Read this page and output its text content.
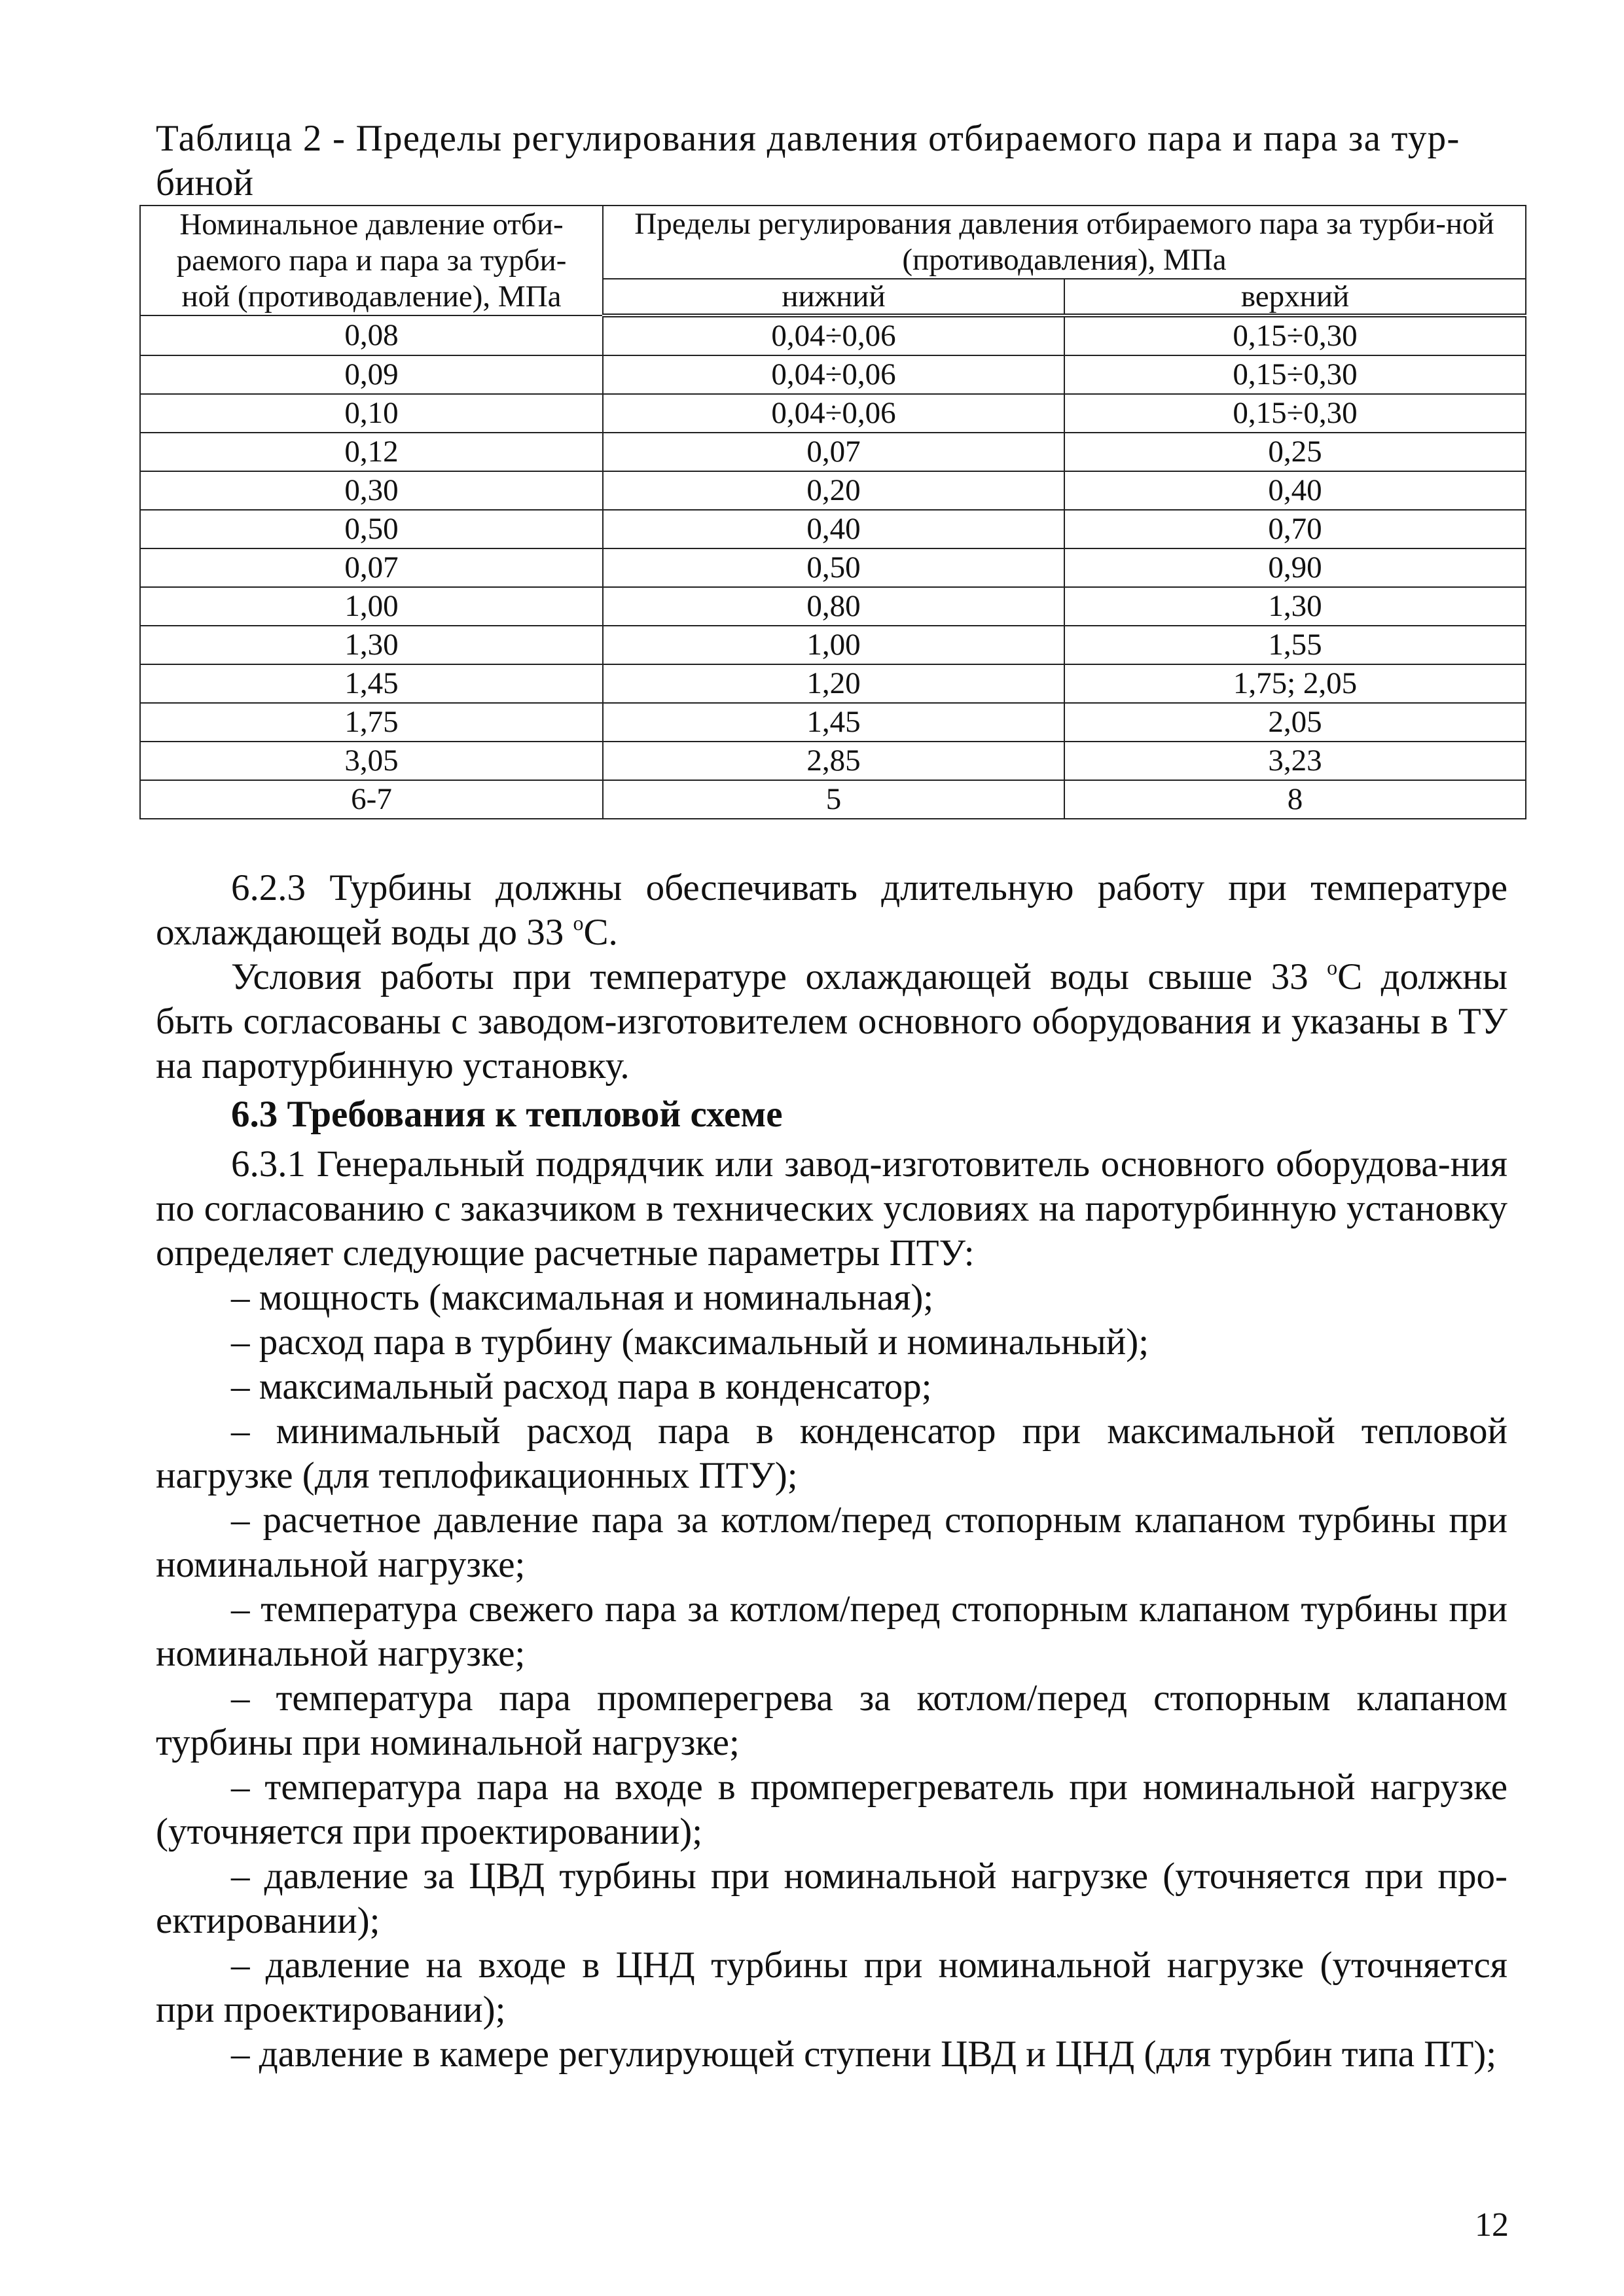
Таблица 2 - Пределы регулирования давления отбираемого пара и пара за тур-
биной
Номинальное давление отби-раемого пара и пара за турби-ной (противодавление), МПа	Пределы регулирования давления отбираемого пара за турби-ной (противодавления), МПа	
	нижний	верхний
0,08	0,04÷0,06	0,15÷0,30
0,09	0,04÷0,06	0,15÷0,30
0,10	0,04÷0,06	0,15÷0,30
0,12	0,07	0,25
0,30	0,20	0,40
0,50	0,40	0,70
0,07	0,50	0,90
1,00	0,80	1,30
1,30	1,00	1,55
1,45	1,20	1,75; 2,05
1,75	1,45	2,05
3,05	2,85	3,23
6-7	5	8

6.2.3 Турбины должны обеспечивать длительную работу при температуре охлаждающей воды до 33 $^o$С.

Условия работы при температуре охлаждающей воды свыше 33 $^o$С должны быть согласованы с заводом-изготовителем основного оборудования и указаны в ТУ на паротурбинную установку.

6.3 Требования к тепловой схеме

6.3.1 Генеральный подрядчик или завод-изготовитель основного оборудова-ния по согласованию с заказчиком в технических условиях на паротурбинную установку определяет следующие расчетные параметры ПТУ:

– мощность (максимальная и номинальная);

– расход пара в турбину (максимальный и номинальный);

– максимальный расход пара в конденсатор;

– минимальный расход пара в конденсатор при максимальной тепловой нагрузке (для теплофикационных ПТУ);

– расчетное давление пара за котлом/перед стопорным клапаном турбины при номинальной нагрузке;

– температура свежего пара за котлом/перед стопорным клапаном турбины при номинальной нагрузке;

– температура пара промперегрева за котлом/перед стопорным клапаном турбины при номинальной нагрузке;

– температура пара на входе в промперегреватель при номинальной нагрузке (уточняется при проектировании);

– давление за ЦВД турбины при номинальной нагрузке (уточняется при про-ектировании);

– давление на входе в ЦНД турбины при номинальной нагрузке (уточняется при проектировании);

– давление в камере регулирующей ступени ЦВД и ЦНД (для турбин типа ПТ);

12
